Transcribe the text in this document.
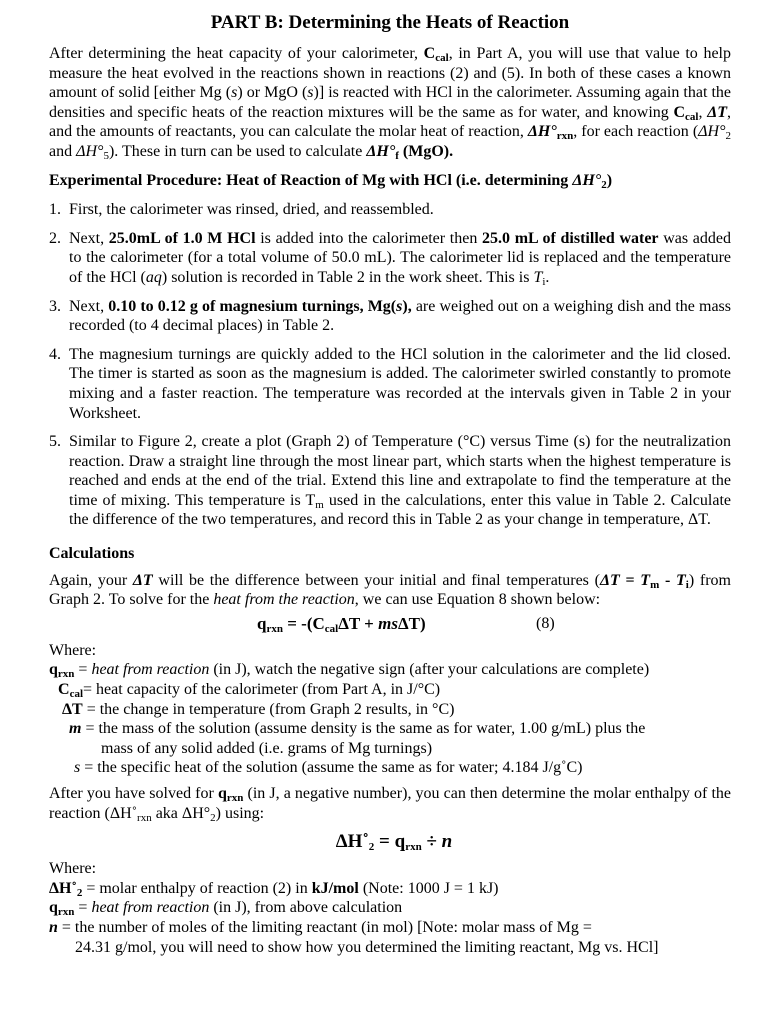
PART B: Determining the Heats of Reaction

After determining the heat capacity of your calorimeter, $C_{cal}$, in Part A, you will use that value to help measure the heat evolved in the reactions shown in reactions (2) and (5). In both of these cases a known amount of solid [either Mg (s) or MgO (s)] is reacted with HCl in the calorimeter. Assuming again that the densities and specific heats of the reaction mixtures will be the same as for water, and knowing $C_{cal}$, ΔT, and the amounts of reactants, you can calculate the molar heat of reaction, $\Delta H^\circ_{rxn}$, for each reaction ($\Delta H^\circ_2$ and $\Delta H^\circ_5$). These in turn can be used to calculate $\Delta H^\circ_f$ (MgO).

Experimental Procedure: Heat of Reaction of Mg with HCl (i.e. determining $\Delta H^\circ_2$)
1. First, the calorimeter was rinsed, dried, and reassembled.
2. Next, 25.0mL of 1.0 M HCl is added into the calorimeter then 25.0 mL of distilled water was added to the calorimeter (for a total volume of 50.0 mL). The calorimeter lid is replaced and the temperature of the HCl (aq) solution is recorded in Table 2 in the work sheet. This is $T_i$.
3. Next, 0.10 to 0.12 g of magnesium turnings, Mg(s), are weighed out on a weighing dish and the mass recorded (to 4 decimal places) in Table 2.
4. The magnesium turnings are quickly added to the HCl solution in the calorimeter and the lid closed. The timer is started as soon as the magnesium is added. The calorimeter swirled constantly to promote mixing and a faster reaction. The temperature was recorded at the intervals given in Table 2 in your Worksheet.
5. Similar to Figure 2, create a plot (Graph 2) of Temperature (°C) versus Time (s) for the neutralization reaction. Draw a straight line through the most linear part, which starts when the highest temperature is reached and ends at the end of the trial. Extend this line and extrapolate to find the temperature at the time of mixing. This temperature is $T_m$ used in the calculations, enter this value in Table 2. Calculate the difference of the two temperatures, and record this in Table 2 as your change in temperature, ΔT.
Calculations

Again, your ΔT will be the difference between your initial and final temperatures $(\Delta T = T_m - T_i)$ from Graph 2. To solve for the heat from the reaction, we can use Equation 8 shown below:

$q_{rxn} = -(C_{cal}\Delta T + ms\Delta T)$	(8)
Where:
$q_{rxn}$ = heat from reaction (in J), watch the negative sign (after your calculations are complete)
$C_{cal}=$ heat capacity of the calorimeter (from Part A, in J/°C)
ΔT = the change in temperature (from Graph 2 results, in °C)
m = the mass of the solution (assume density is the same as for water, 1.00 g/mL) plus the
mass of any solid added (i.e. grams of Mg turnings)
s = the specific heat of the solution (assume the same as for water; 4.184 J/g˚C)

After you have solved for $q_{rxn}$ (in J, a negative number), you can then determine the molar enthalpy of the reaction ($\Delta H˚_{rxn}$ aka $\Delta H^\circ_2$) using:

$\Delta H˚_2 = q_{rxn} \div n$
Where:
$\Delta H˚_2$ = molar enthalpy of reaction (2) in kJ/mol (Note: 1000 J = 1 kJ)
$q_{rxn}$ = heat from reaction (in J), from above calculation
n = the number of moles of the limiting reactant (in mol) [Note: molar mass of Mg =
24.31 g/mol, you will need to show how you determined the limiting reactant, Mg vs. HCl]
